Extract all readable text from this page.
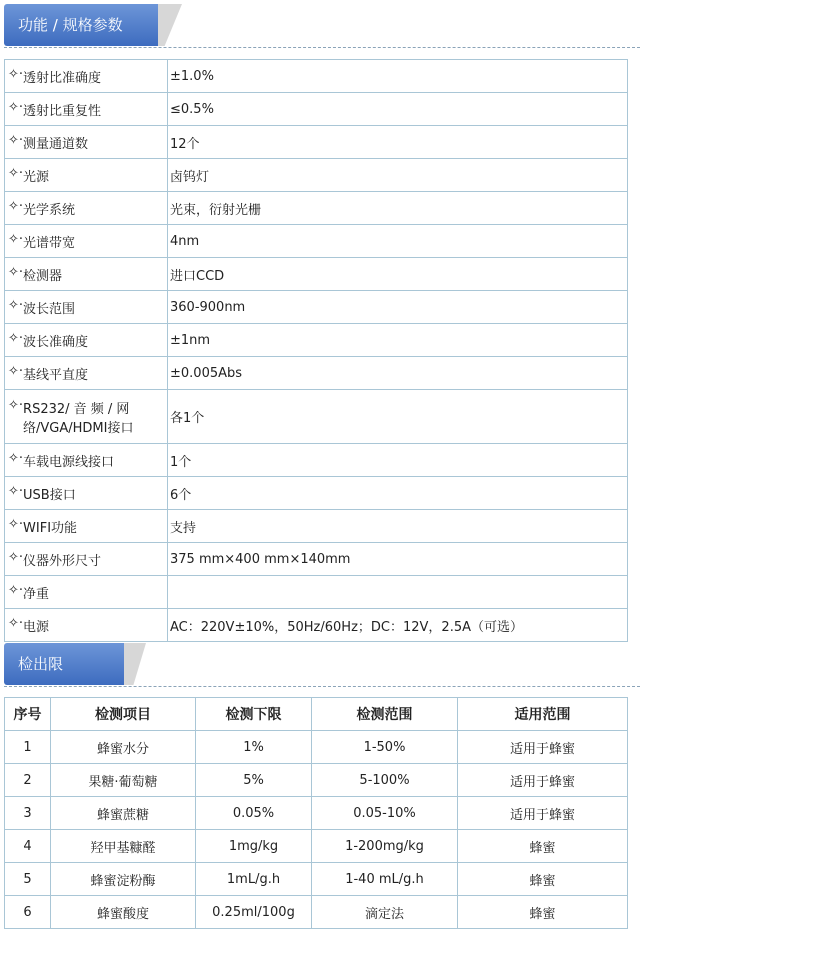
功能 / 规格参数
✧· 透射比准确度	±1.0%

✧· 透射比重复性	≤0.5%

✧· 测量通道数	12个

✧· 光源	卤钨灯

✧· 光学系统	光束，衍射光栅

✧· 光谱带宽	4nm

✧· 检测器	进口CCD

✧· 波长范围	360-900nm

✧· 波长准确度	±1nm

✧· 基线平直度	±0.005Abs

✧· RS232/ 音 频 / 网络/VGA/HDMI接口	各1个

✧· 车载电源线接口	1个

✧· USB接口	6个

✧· WIFI功能	支持

✧· 仪器外形尺寸	375 mm×400 mm×140mm

✧· 净重	

✧· 电源	AC：220V±10%，50Hz/60Hz；DC：12V，2.5A（可选）
检出限
序号	检测项目	检测下限	检测范围	适用范围
1	蜂蜜水分	1%	1-50%	适用于蜂蜜
2	果糖·葡萄糖	5%	5-100%	适用于蜂蜜
3	蜂蜜蔗糖	0.05%	0.05-10%	适用于蜂蜜
4	羟甲基糠醛	1mg/kg	1-200mg/kg	蜂蜜
5	蜂蜜淀粉酶	1mL/g.h	1-40 mL/g.h	蜂蜜
6	蜂蜜酸度	0.25ml/100g	滴定法	蜂蜜
